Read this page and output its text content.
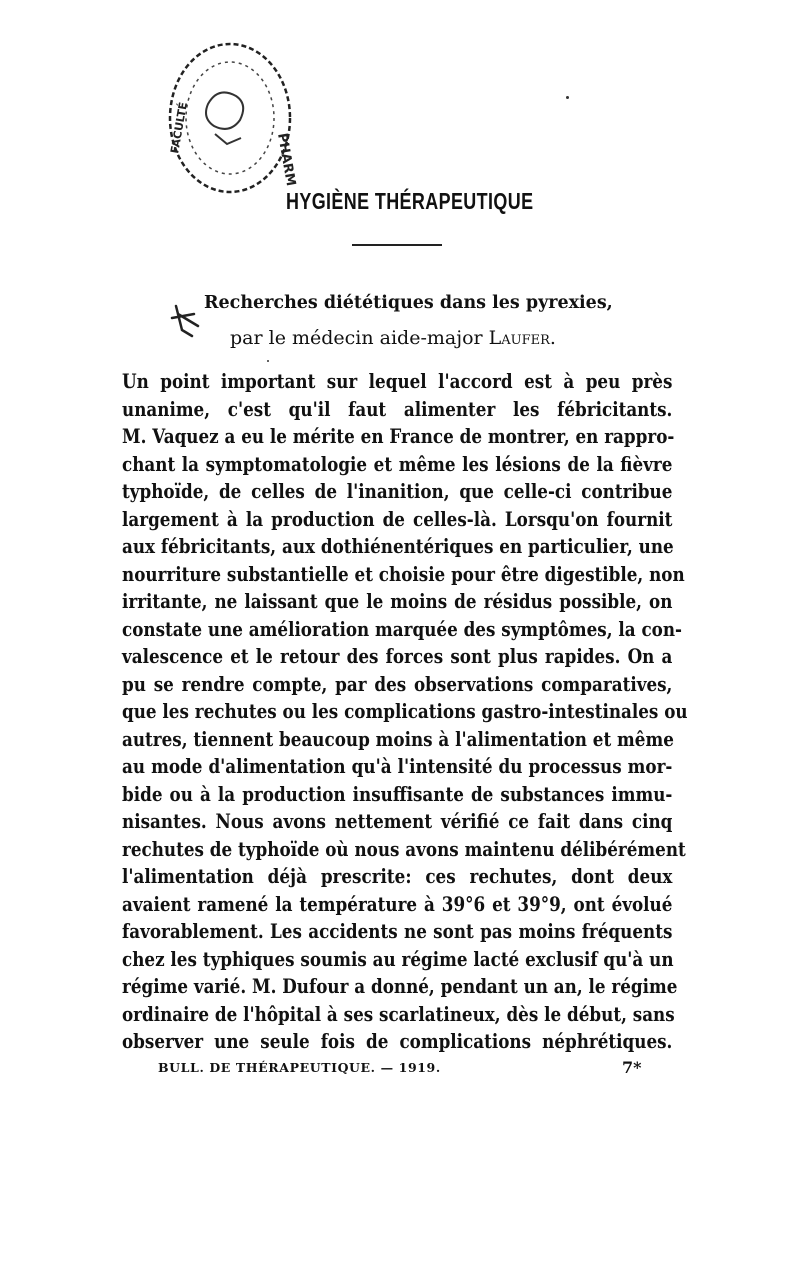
PHARM
FACULTÉ
HYGIÈNE THÉRAPEUTIQUE
Recherches diététiques dans les pyrexies,
par le médecin aide-major Laufer.
Un point important sur lequel l'accord est à peu près
unanime, c'est qu'il faut alimenter les fébricitants.
M. Vaquez a eu le mérite en France de montrer, en rappro-
chant la symptomatologie et même les lésions de la fièvre
typhoïde, de celles de l'inanition, que celle-ci contribue
largement à la production de celles-là. Lorsqu'on fournit
aux fébricitants, aux dothiénentériques en particulier, une
nourriture substantielle et choisie pour être digestible, non
irritante, ne laissant que le moins de résidus possible, on
constate une amélioration marquée des symptômes, la con-
valescence et le retour des forces sont plus rapides. On a
pu se rendre compte, par des observations comparatives,
que les rechutes ou les complications gastro-intestinales ou
autres, tiennent beaucoup moins à l'alimentation et même
au mode d'alimentation qu'à l'intensité du processus mor-
bide ou à la production insuffisante de substances immu-
nisantes. Nous avons nettement vérifié ce fait dans cinq
rechutes de typhoïde où nous avons maintenu délibérément
l'alimentation déjà prescrite: ces rechutes, dont deux
avaient ramené la température à 39°6 et 39°9, ont évolué
favorablement. Les accidents ne sont pas moins fréquents
chez les typhiques soumis au régime lacté exclusif qu'à un
régime varié. M. Dufour a donné, pendant un an, le régime
ordinaire de l'hôpital à ses scarlatineux, dès le début, sans
observer une seule fois de complications néphrétiques.
BULL. DE THÉRAPEUTIQUE. — 1919.	7*
